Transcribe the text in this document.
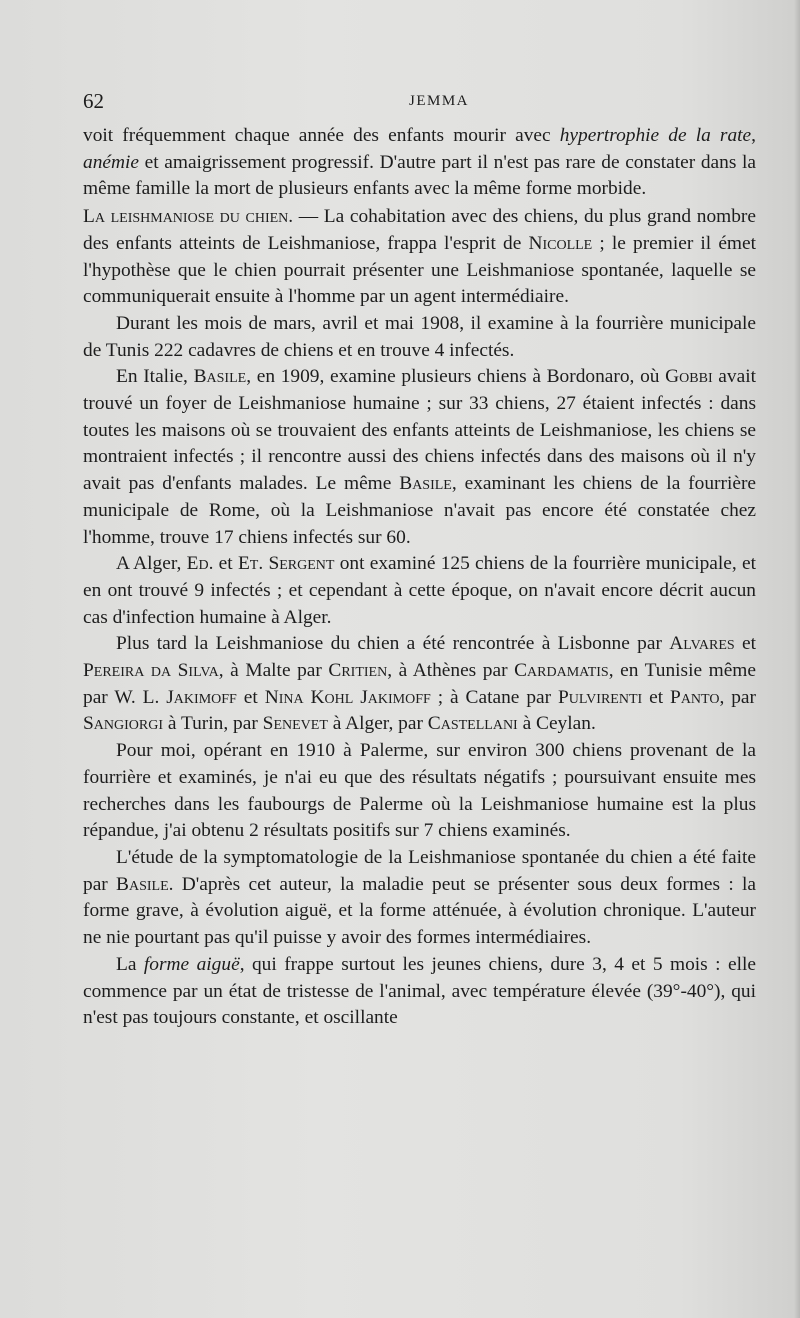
62	JEMMA

voit fréquemment chaque année des enfants mourir avec hypertrophie de la rate, anémie et amaigrissement progressif. D'autre part il n'est pas rare de constater dans la même famille la mort de plusieurs enfants avec la même forme morbide.

La leishmaniose du chien. — La cohabitation avec des chiens, du plus grand nombre des enfants atteints de Leishmaniose, frappa l'esprit de Nicolle ; le premier il émet l'hypothèse que le chien pourrait présenter une Leishmaniose spontanée, laquelle se communiquerait ensuite à l'homme par un agent intermédiaire.

Durant les mois de mars, avril et mai 1908, il examine à la fourrière municipale de Tunis 222 cadavres de chiens et en trouve 4 infectés.

En Italie, Basile, en 1909, examine plusieurs chiens à Bordonaro, où Gobbi avait trouvé un foyer de Leishmaniose humaine ; sur 33 chiens, 27 étaient infectés : dans toutes les maisons où se trouvaient des enfants atteints de Leishmaniose, les chiens se montraient infectés ; il rencontre aussi des chiens infectés dans des maisons où il n'y avait pas d'enfants malades. Le même Basile, examinant les chiens de la fourrière municipale de Rome, où la Leishmaniose n'avait pas encore été constatée chez l'homme, trouve 17 chiens infectés sur 60.

A Alger, Ed. et Et. Sergent ont examiné 125 chiens de la fourrière municipale, et en ont trouvé 9 infectés ; et cependant à cette époque, on n'avait encore décrit aucun cas d'infection humaine à Alger.

Plus tard la Leishmaniose du chien a été rencontrée à Lisbonne par Alvares et Pereira da Silva, à Malte par Critien, à Athènes par Cardamatis, en Tunisie même par W. L. Jakimoff et Nina Kohl Jakimoff ; à Catane par Pulvirenti et Panto, par Sangiorgi à Turin, par Senevet à Alger, par Castellani à Ceylan.

Pour moi, opérant en 1910 à Palerme, sur environ 300 chiens provenant de la fourrière et examinés, je n'ai eu que des résultats négatifs ; poursuivant ensuite mes recherches dans les faubourgs de Palerme où la Leishmaniose humaine est la plus répandue, j'ai obtenu 2 résultats positifs sur 7 chiens examinés.

L'étude de la symptomatologie de la Leishmaniose spontanée du chien a été faite par Basile. D'après cet auteur, la maladie peut se présenter sous deux formes : la forme grave, à évolution aiguë, et la forme atténuée, à évolution chronique. L'auteur ne nie pourtant pas qu'il puisse y avoir des formes intermédiaires.

La forme aiguë, qui frappe surtout les jeunes chiens, dure 3, 4 et 5 mois : elle commence par un état de tristesse de l'animal, avec température élevée (39°-40°), qui n'est pas toujours constante, et oscillante
